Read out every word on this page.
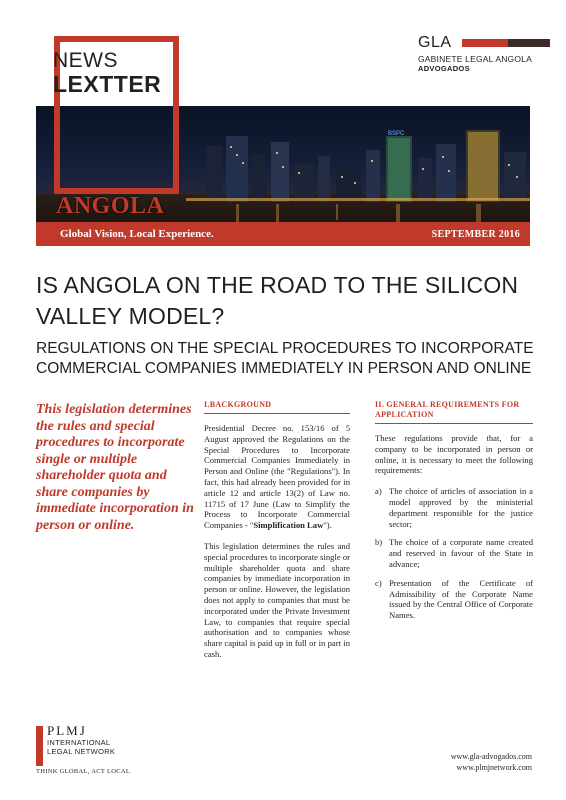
NEWS
LEXTTER
GLA
GABINETE LEGAL ANGOLA
ADVOGADOS
BSPC
ANGOLA
Global Vision, Local Experience.	SEPTEMBER 2016
IS ANGOLA ON THE ROAD TO THE SILICON VALLEY MODEL?
REGULATIONS ON THE SPECIAL PROCEDURES TO INCORPORATE COMMERCIAL COMPANIES IMMEDIATELY IN PERSON AND ONLINE
This legislation determines the rules and special procedures to incorporate single or multiple shareholder quota and share companies by immediate incorporation in person or online.
I.BACKGROUND

Presidential Decree no. 153/16 of 5 August approved the Regulations on the Special Procedures to Incorporate Commercial Companies Immediately in Person and Online (the "Regulations"). In fact, this had already been provided for in article 12 and article 13(2) of Law no. 11715 of 17 June (Law to Simplify the Process to Incorporate Commercial Companies - "Simplification Law").

This legislation determines the rules and special procedures to incorporate single or multiple shareholder quota and share companies by immediate incorporation in person or online. However, the legislation does not apply to companies that must be incorporated under the Private Investment Law, to companies that require special authorisation and to companies whose share capital is paid up in full or in part in cash.

II. GENERAL REQUIREMENTS FOR APPLICATION

These regulations provide that, for a company to be incorporated in person or online, it is necessary to meet the following requirements:

a) The choice of articles of association in a model approved by the ministerial department responsible for the justice sector;
b) The choice of a corporate name created and reserved in favour of the State in advance;
c) Presentation of the Certificate of Admissibility of the Corporate Name issued by the Central Office of Corporate Names.
PLMJ
INTERNATIONAL
LEGAL NETWORK
THINK GLOBAL, ACT LOCAL
www.gla-advogados.com
www.plmjnetwork.com
